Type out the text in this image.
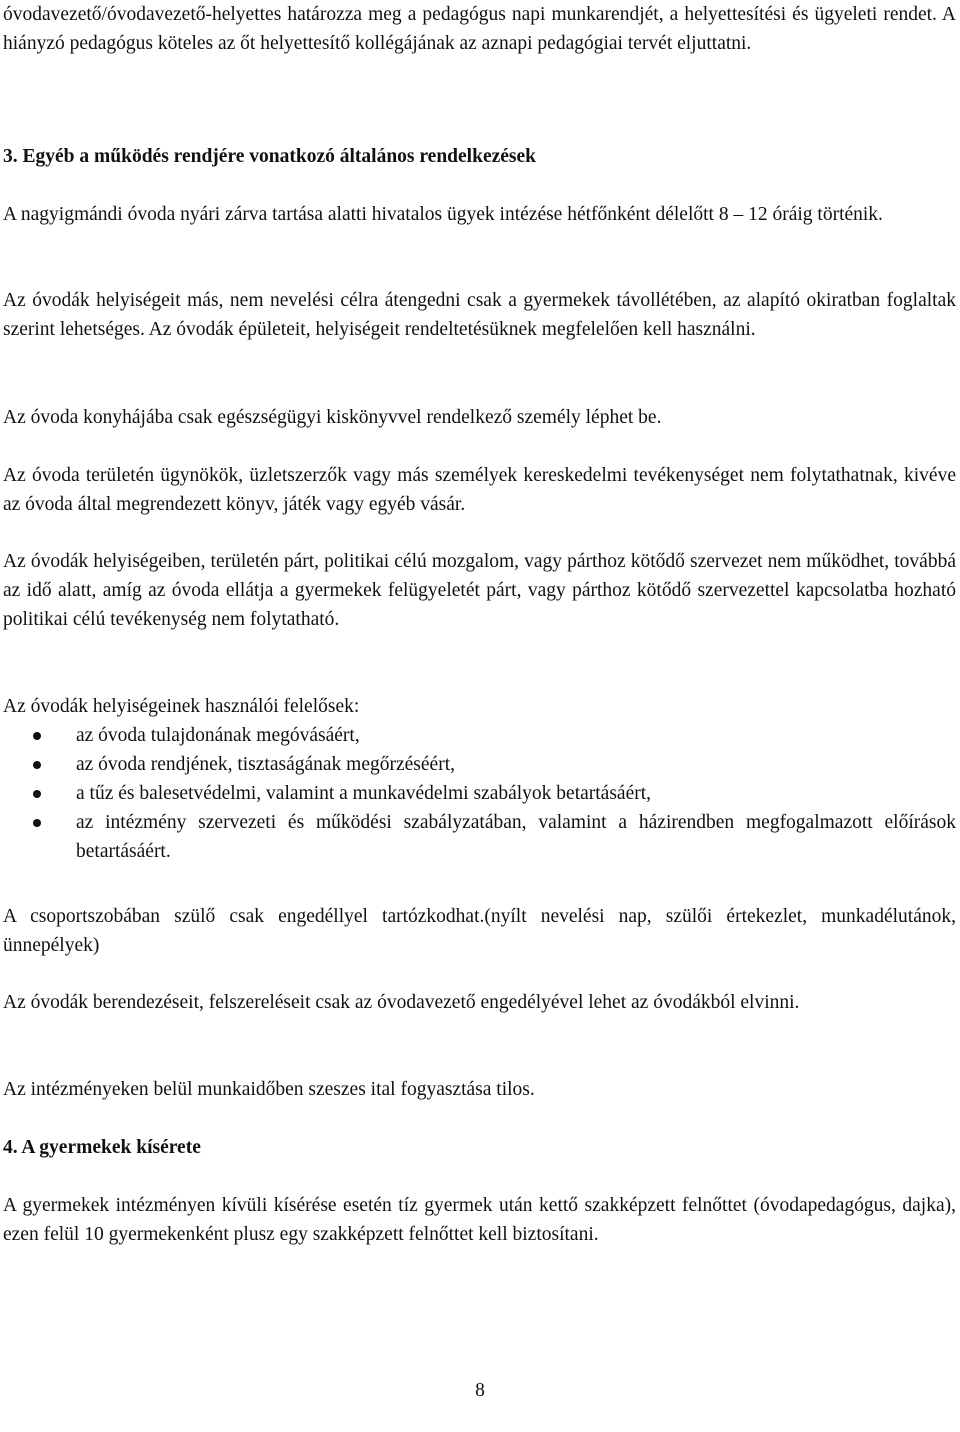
óvodavezető/óvodavezető-helyettes határozza meg a pedagógus napi munkarendjét, a helyettesítési és ügyeleti rendet. A hiányzó pedagógus köteles az őt helyettesítő kollégájának az aznapi pedagógiai tervét eljuttatni.

3. Egyéb a működés rendjére vonatkozó általános rendelkezések

A nagyigmándi óvoda nyári zárva tartása alatti hivatalos ügyek intézése hétfőnként délelőtt 8 – 12 óráig történik.

Az óvodák helyiségeit más, nem nevelési célra átengedni csak a gyermekek távollétében, az alapító okiratban foglaltak szerint lehetséges. Az óvodák épületeit, helyiségeit rendeltetésüknek megfelelően kell használni.

Az óvoda konyhájába csak egészségügyi kiskönyvvel rendelkező személy léphet be.

Az óvoda területén ügynökök, üzletszerzők vagy más személyek kereskedelmi tevékenységet nem folytathatnak, kivéve az óvoda által megrendezett könyv, játék vagy egyéb vásár.

Az óvodák helyiségeiben, területén párt, politikai célú mozgalom, vagy párthoz kötődő szervezet nem működhet, továbbá az idő alatt, amíg az óvoda ellátja a gyermekek felügyeletét párt, vagy párthoz kötődő szervezettel kapcsolatba hozható politikai célú tevékenység nem folytatható.

Az óvodák helyiségeinek használói felelősek:

az óvoda tulajdonának megóvásáért,
az óvoda rendjének, tisztaságának megőrzéséért,
a tűz és balesetvédelmi, valamint a munkavédelmi szabályok betartásáért,
az intézmény szervezeti és működési szabályzatában, valamint a házirendben megfogalmazott előírások betartásáért.

A csoportszobában szülő csak engedéllyel tartózkodhat.(nyílt nevelési nap, szülői értekezlet, munkadélutánok, ünnepélyek)

Az óvodák berendezéseit, felszereléseit csak az óvodavezető engedélyével lehet az óvodákból elvinni.

Az intézményeken belül munkaidőben szeszes ital fogyasztása tilos.

4. A gyermekek kísérete

A gyermekek intézményen kívüli kísérése esetén tíz gyermek után kettő szakképzett felnőttet (óvodapedagógus, dajka), ezen felül 10 gyermekenként plusz egy szakképzett felnőttet kell biztosítani.

8
